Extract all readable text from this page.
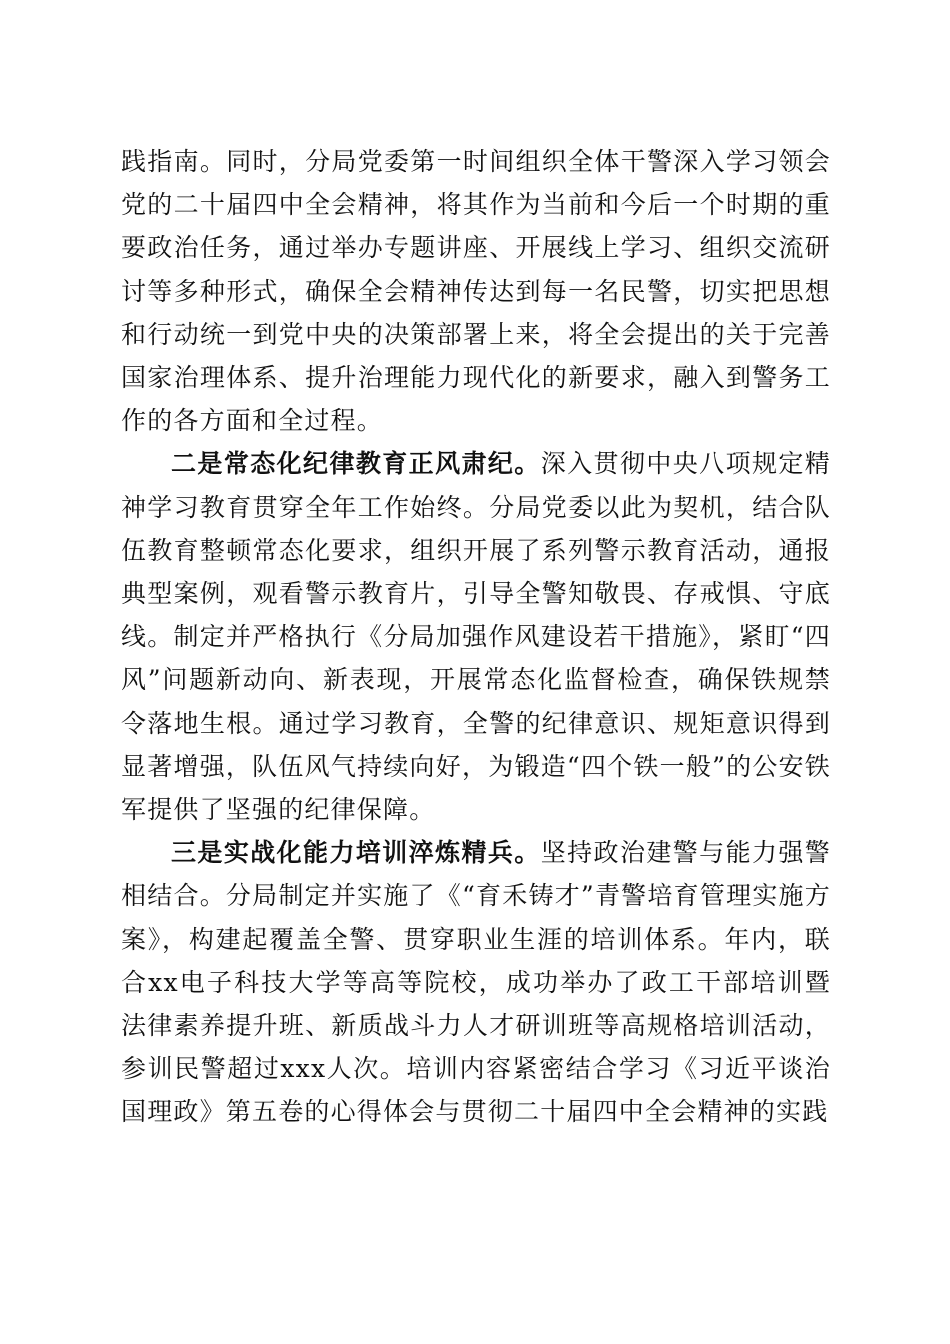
践指南。同时，分局党委第一时间组织全体干警深入学习领会党的二十届四中全会精神，将其作为当前和今后一个时期的重要政治任务，通过举办专题讲座、开展线上学习、组织交流研讨等多种形式，确保全会精神传达到每一名民警，切实把思想和行动统一到党中央的决策部署上来，将全会提出的关于完善国家治理体系、提升治理能力现代化的新要求，融入到警务工作的各方面和全过程。

二是常态化纪律教育正风肃纪。深入贯彻中央八项规定精神学习教育贯穿全年工作始终。分局党委以此为契机，结合队伍教育整顿常态化要求，组织开展了系列警示教育活动，通报典型案例，观看警示教育片，引导全警知敬畏、存戒惧、守底线。制定并严格执行《分局加强作风建设若干措施》，紧盯“四风”问题新动向、新表现，开展常态化监督检查，确保铁规禁令落地生根。通过学习教育，全警的纪律意识、规矩意识得到显著增强，队伍风气持续向好，为锻造“四个铁一般”的公安铁军提供了坚强的纪律保障。

三是实战化能力培训淬炼精兵。坚持政治建警与能力强警相结合。分局制定并实施了《“育禾铸才”青警培育管理实施方案》，构建起覆盖全警、贯穿职业生涯的培训体系。年内，联合xx电子科技大学等高等院校，成功举办了政工干部培训暨法律素养提升班、新质战斗力人才研训班等高规格培训活动，参训民警超过xxx人次。培训内容紧密结合学习《习近平谈治国理政》第五卷的心得体会与贯彻二十届四中全会精神的实践
